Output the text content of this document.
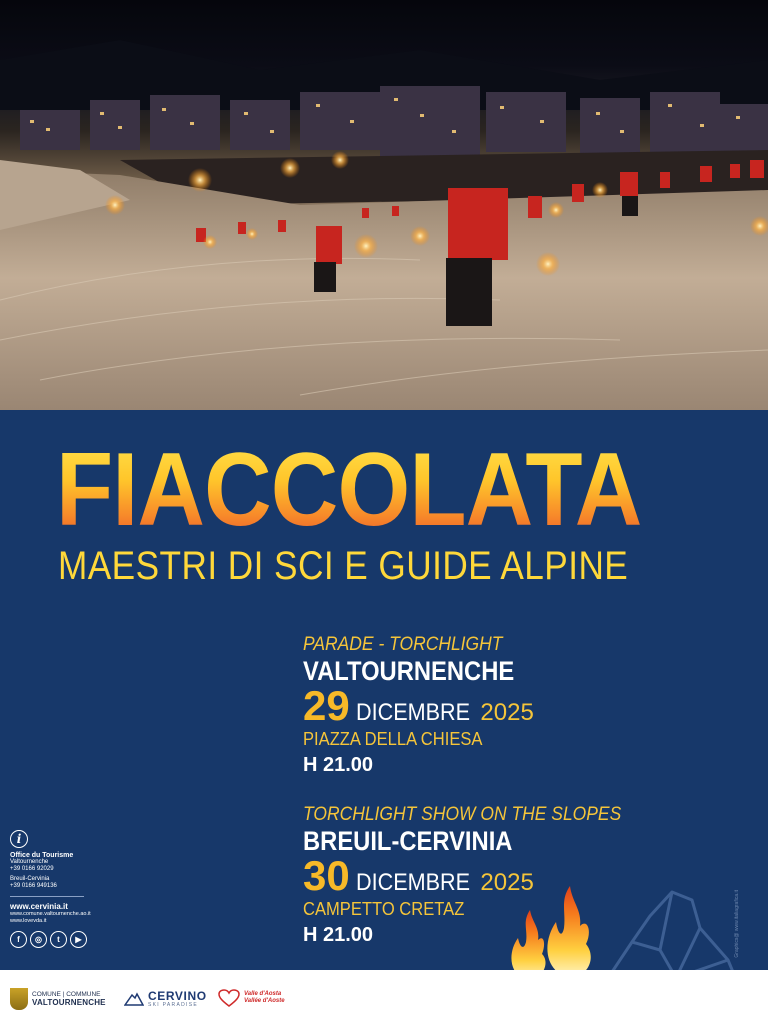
FIACCOLATA
MAESTRI DI SCI E GUIDE ALPINE
PARADE - TORCHLIGHT
VALTOURNENCHE
29 DICEMBRE 2025
PIAZZA DELLA CHIESA
H 21.00
TORCHLIGHT SHOW ON THE SLOPES
BREUIL-CERVINIA
30 DICEMBRE 2025
CAMPETTO CRETAZ
H 21.00
i
Office du Tourisme
Valtournenche
+39 0166 92029
Breuil-Cervinia
+39 0166 949136
www.cervinia.it
www.comune.valtournenche.ao.it
www.lovevda.it
f	◎	t	▶	Graphics@ www.italiagrafica.it
COMUNE | COMMUNE
VALTOURNENCHE	CERVINO
SKI PARADISE
Valle d'Aosta
Vallée d'Aoste
